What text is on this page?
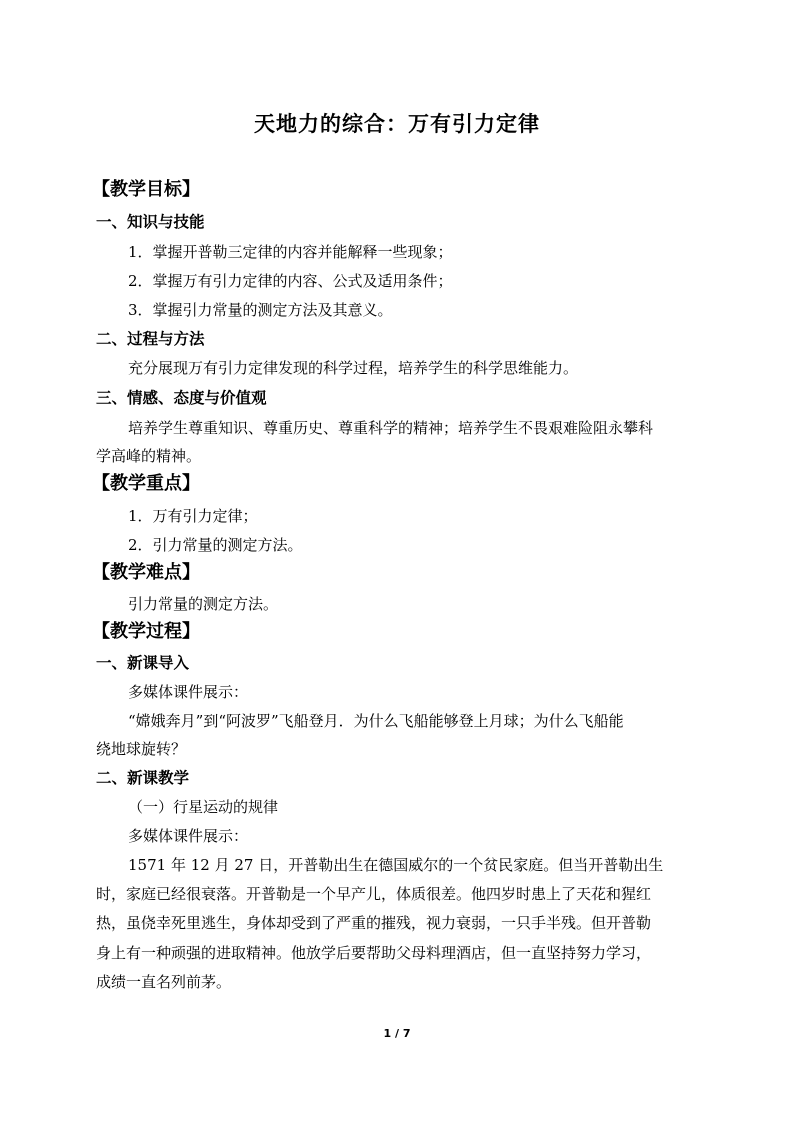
天地力的综合：万有引力定律
【教学目标】
一、知识与技能
1．掌握开普勒三定律的内容并能解释一些现象；
2．掌握万有引力定律的内容、公式及适用条件；
3．掌握引力常量的测定方法及其意义。
二、过程与方法
充分展现万有引力定律发现的科学过程，培养学生的科学思维能力。
三、情感、态度与价值观
培养学生尊重知识、尊重历史、尊重科学的精神；培养学生不畏艰难险阻永攀科
学高峰的精神。
【教学重点】
1．万有引力定律；
2．引力常量的测定方法。
【教学难点】
引力常量的测定方法。
【教学过程】
一、新课导入
多媒体课件展示：
“嫦娥奔月”到“阿波罗”飞船登月．为什么飞船能够登上月球；为什么飞船能
绕地球旋转？
二、新课教学
（一）行星运动的规律
多媒体课件展示：
1571 年 12 月 27 日，开普勒出生在德国威尔的一个贫民家庭。但当开普勒出生
时，家庭已经很衰落。开普勒是一个早产儿，体质很差。他四岁时患上了天花和猩红
热，虽侥幸死里逃生，身体却受到了严重的摧残，视力衰弱，一只手半残。但开普勒
身上有一种顽强的进取精神。他放学后要帮助父母料理酒店，但一直坚持努力学习，
成绩一直名列前茅。
1 / 7
